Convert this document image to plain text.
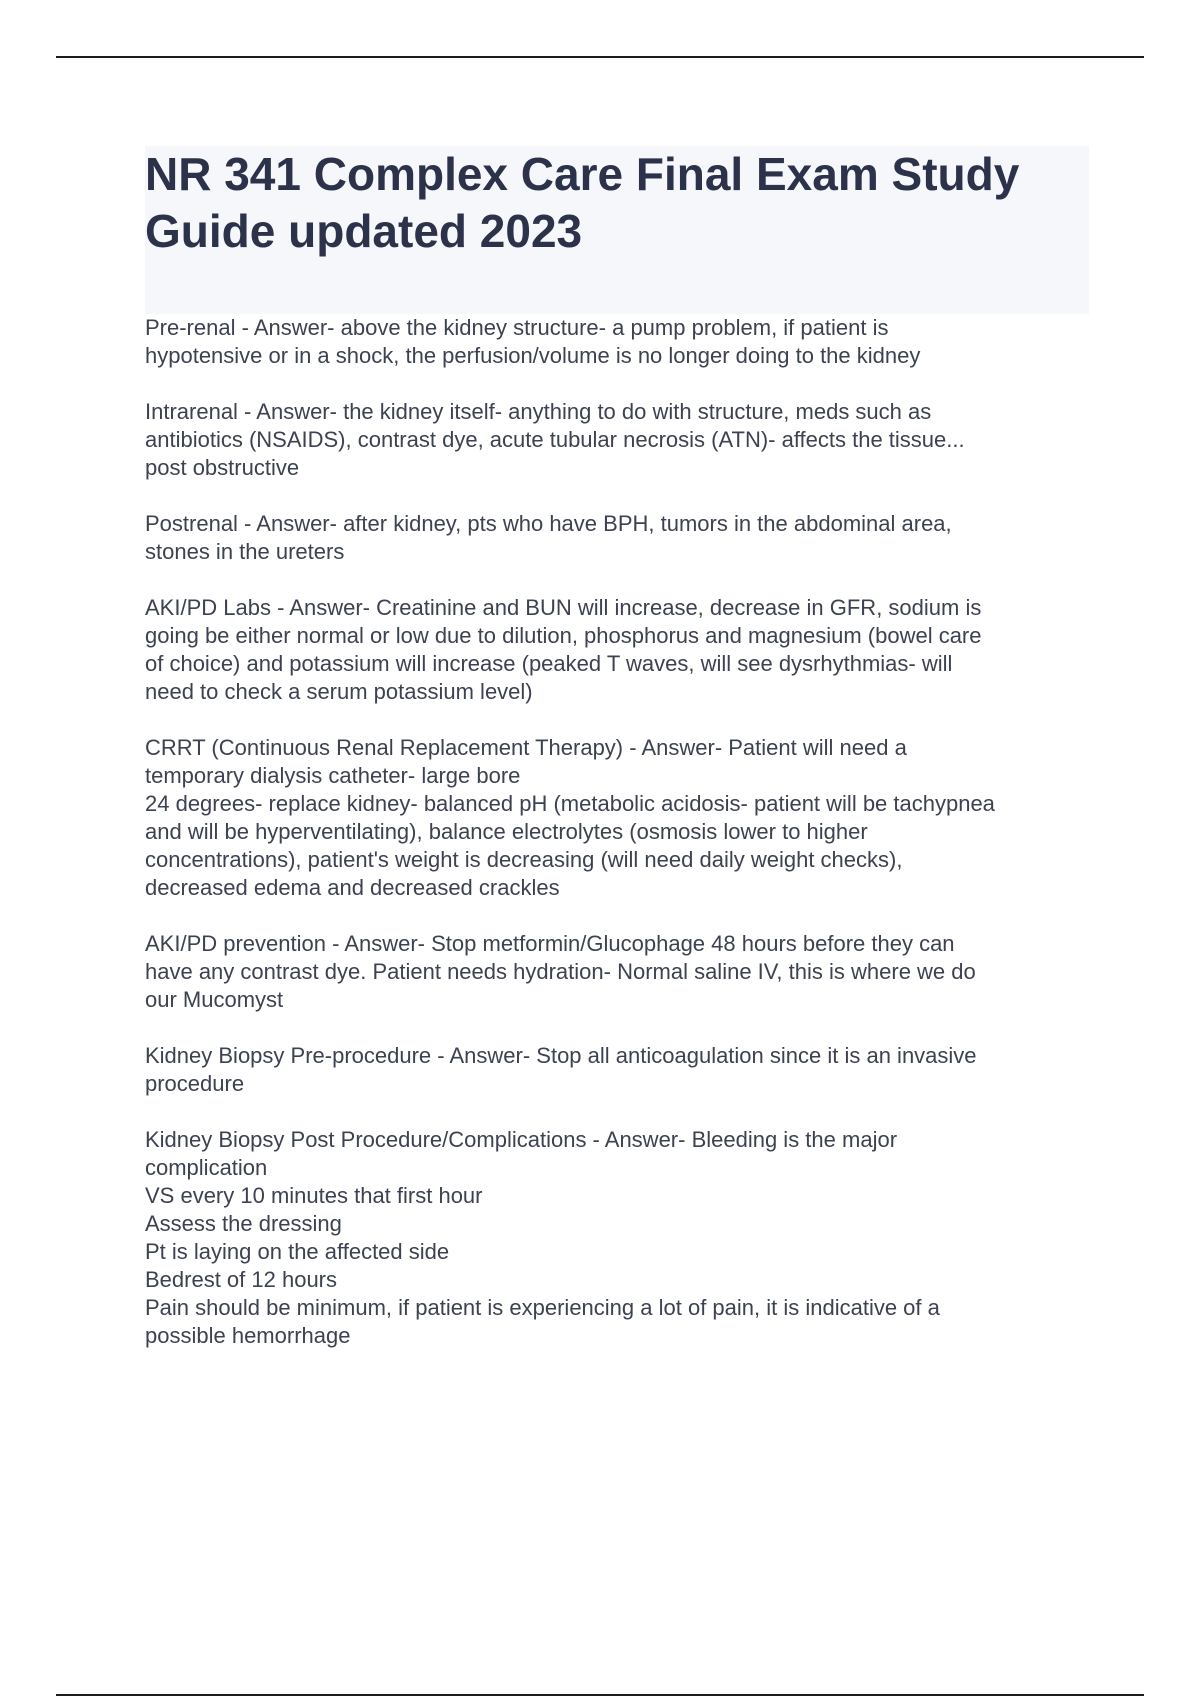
NR 341 Complex Care Final Exam Study Guide updated 2023
Pre-renal - Answer- above the kidney structure- a pump problem, if patient is
hypotensive or in a shock, the perfusion/volume is no longer doing to the kidney
Intrarenal - Answer- the kidney itself- anything to do with structure, meds such as
antibiotics (NSAIDS), contrast dye, acute tubular necrosis (ATN)- affects the tissue...
post obstructive
Postrenal - Answer- after kidney, pts who have BPH, tumors in the abdominal area,
stones in the ureters
AKI/PD Labs - Answer- Creatinine and BUN will increase, decrease in GFR, sodium is
going be either normal or low due to dilution, phosphorus and magnesium (bowel care
of choice) and potassium will increase (peaked T waves, will see dysrhythmias- will
need to check a serum potassium level)
CRRT (Continuous Renal Replacement Therapy) - Answer- Patient will need a
temporary dialysis catheter- large bore
24 degrees- replace kidney- balanced pH (metabolic acidosis- patient will be tachypnea
and will be hyperventilating), balance electrolytes (osmosis lower to higher
concentrations), patient's weight is decreasing (will need daily weight checks),
decreased edema and decreased crackles
AKI/PD prevention - Answer- Stop metformin/Glucophage 48 hours before they can
have any contrast dye. Patient needs hydration- Normal saline IV, this is where we do
our Mucomyst
Kidney Biopsy Pre-procedure - Answer- Stop all anticoagulation since it is an invasive
procedure
Kidney Biopsy Post Procedure/Complications - Answer- Bleeding is the major
complication
VS every 10 minutes that first hour
Assess the dressing
Pt is laying on the affected side
Bedrest of 12 hours
Pain should be minimum, if patient is experiencing a lot of pain, it is indicative of a
possible hemorrhage
